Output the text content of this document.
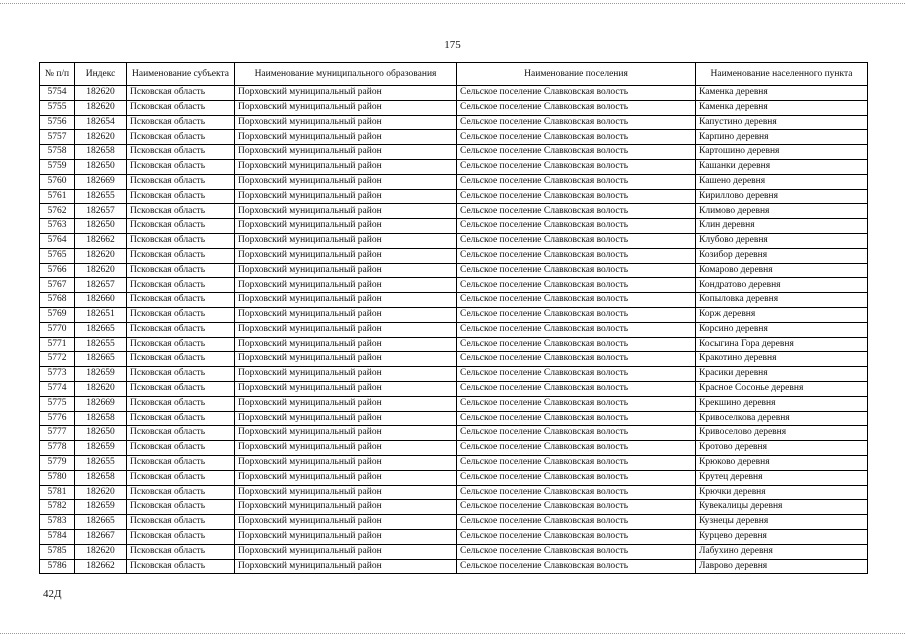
175
№ п/п	Индекс	Наименование субъекта	Наименование муниципального образования	Наименование поселения	Наименование населенного пункта
5754	182620	Псковская область	Порховский муниципальный район	Сельское поселение Славковская волость	Каменка деревня
5755	182620	Псковская область	Порховский муниципальный район	Сельское поселение Славковская волость	Каменка деревня
5756	182654	Псковская область	Порховский муниципальный район	Сельское поселение Славковская волость	Капустино деревня
5757	182620	Псковская область	Порховский муниципальный район	Сельское поселение Славковская волость	Карпино деревня
5758	182658	Псковская область	Порховский муниципальный район	Сельское поселение Славковская волость	Картошино деревня
5759	182650	Псковская область	Порховский муниципальный район	Сельское поселение Славковская волость	Кашанки деревня
5760	182669	Псковская область	Порховский муниципальный район	Сельское поселение Славковская волость	Кашено деревня
5761	182655	Псковская область	Порховский муниципальный район	Сельское поселение Славковская волость	Кириллово деревня
5762	182657	Псковская область	Порховский муниципальный район	Сельское поселение Славковская волость	Климово деревня
5763	182650	Псковская область	Порховский муниципальный район	Сельское поселение Славковская волость	Клин деревня
5764	182662	Псковская область	Порховский муниципальный район	Сельское поселение Славковская волость	Клубово деревня
5765	182620	Псковская область	Порховский муниципальный район	Сельское поселение Славковская волость	Козибор деревня
5766	182620	Псковская область	Порховский муниципальный район	Сельское поселение Славковская волость	Комарово деревня
5767	182657	Псковская область	Порховский муниципальный район	Сельское поселение Славковская волость	Кондратово деревня
5768	182660	Псковская область	Порховский муниципальный район	Сельское поселение Славковская волость	Копыловка деревня
5769	182651	Псковская область	Порховский муниципальный район	Сельское поселение Славковская волость	Корж деревня
5770	182665	Псковская область	Порховский муниципальный район	Сельское поселение Славковская волость	Корсино деревня
5771	182655	Псковская область	Порховский муниципальный район	Сельское поселение Славковская волость	Косыгина Гора деревня
5772	182665	Псковская область	Порховский муниципальный район	Сельское поселение Славковская волость	Кракотино деревня
5773	182659	Псковская область	Порховский муниципальный район	Сельское поселение Славковская волость	Красики деревня
5774	182620	Псковская область	Порховский муниципальный район	Сельское поселение Славковская волость	Красное Сосонье деревня
5775	182669	Псковская область	Порховский муниципальный район	Сельское поселение Славковская волость	Крекшино деревня
5776	182658	Псковская область	Порховский муниципальный район	Сельское поселение Славковская волость	Кривоселкова деревня
5777	182650	Псковская область	Порховский муниципальный район	Сельское поселение Славковская волость	Кривоселово деревня
5778	182659	Псковская область	Порховский муниципальный район	Сельское поселение Славковская волость	Кротово деревня
5779	182655	Псковская область	Порховский муниципальный район	Сельское поселение Славковская волость	Крюково деревня
5780	182658	Псковская область	Порховский муниципальный район	Сельское поселение Славковская волость	Крутец деревня
5781	182620	Псковская область	Порховский муниципальный район	Сельское поселение Славковская волость	Крючки деревня
5782	182659	Псковская область	Порховский муниципальный район	Сельское поселение Славковская волость	Кувекалицы деревня
5783	182665	Псковская область	Порховский муниципальный район	Сельское поселение Славковская волость	Кузнецы деревня
5784	182667	Псковская область	Порховский муниципальный район	Сельское поселение Славковская волость	Курцево деревня
5785	182620	Псковская область	Порховский муниципальный район	Сельское поселение Славковская волость	Лабухино деревня
5786	182662	Псковская область	Порховский муниципальный район	Сельское поселение Славковская волость	Лаврово деревня
42Д
